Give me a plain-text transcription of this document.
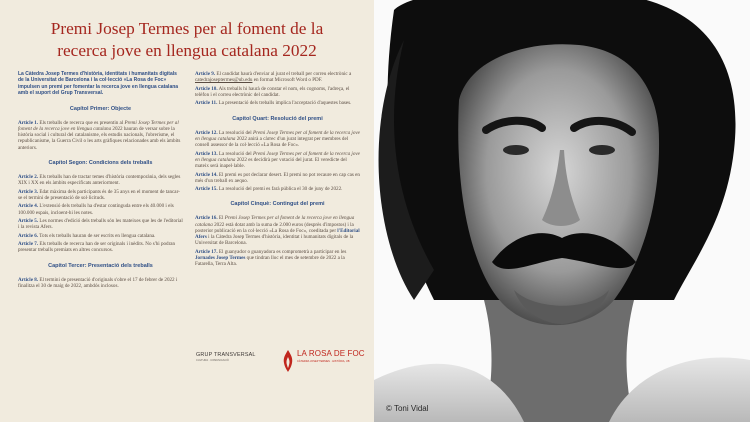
Premi Josep Termes per al foment de la
recerca jove en llengua catalana 2022

La Càtedra Josep Termes d'història, identitats i humanitats digitals de la Universitat de Barcelona i la col·lecció «La Rosa de Foc» impulsen un premi per fomentar la recerca jove en llengua catalana amb el suport del Grup Transversal.

Capítol Primer: Objecte

Article 1. Els treballs de recerca que es presentin al Premi Josep Termes per al foment de la recerca jove en llengua catalana 2022 hauran de versar sobre la història social i cultural del catalanisme, els estudis nacionals, l'obrerisme, el republicanisme, la Guerra Civil o les arts gràfiques relacionades amb els àmbits anteriors.

Capítol Segon: Condicions dels treballs

Article 2. Els treballs han de tractar temes d'història contemporània, dels segles XIX i XX en els àmbits especificats anteriorment.

Article 3. Edat màxima dels participants és de 35 anys en el moment de tancar-se el termini de presentació de sol·licituds.

Article 4. L'extensió dels treballs ha d'estar continguda entre els 40.000 i els 100.000 espais, incloent-hi les notes.

Article 5. Les normes d'edició dels treballs són les mateixes que les de l'editorial i la revista Afers.

Article 6. Tots els treballs hauran de ser escrits en llengua catalana.

Article 7. Els treballs de recerca han de ser originals i inèdits. No s'hi podran presentar treballs premiats en altres concursos.

Capítol Tercer: Presentació dels treballs

Article 8. El termini de presentació d'originals s'obre el 17 de febrer de 2022 i finalitza el 30 de maig de 2022, ambdós inclosos.

Article 9. El candidat haurà d'enviar al jurat el treball per correu electrònic a catedrajoseptermes@ub.edu en format Microsoft Word o PDF.

Article 10. Als treballs hi haurà de constar el nom, els cognoms, l'adreça, el telèfon i el correu electrònic del candidat.

Article 11. La presentació dels treballs implica l'acceptació d'aquestes bases.

Capítol Quart: Resolució del premi

Article 12. La resolució del Premi Josep Termes per al foment de la recerca jove en llengua catalana 2022 anirà a càrrec d'un jurat integrat per membres del consell assessor de la col·lecció «La Rosa de Foc».

Article 13. La resolució del Premi Josep Termes per al foment de la recerca jove en llengua catalana 2022 es decidirà per votació del jurat. El veredicte del mateix serà inapel·lable.

Article 14. El premi es pot declarar desert. El premi no pot recaure en cap cas en més d'un treball ex aequo.

Article 15. La resolució del premi es farà pública el 30 de juny de 2022.

Capítol Cinquè: Contingut del premi

Article 16. El Premi Josep Termes per al foment de la recerca jove en llengua catalana 2022 està dotat amb la suma de 2.000 euros (desprès d'impostos) i la posterior publicació en la col·lecció «La Rosa de Foc», coeditada per l'Editorial Afers i la Càtedra Josep Termes d'història, identitat i humanitats digitals de la Universitat de Barcelona.

Article 17. El guanyador o guanyadora es comprometrà a participar en les Jornades Josep Termes que tindran lloc el mes de setembre de 2022 a la Fatarella, Terra Alta.

GRUP TRANSVERSAL
CULTURA · COMUNICACIÓ
LA ROSA DE FOC
CÀTEDRA JOSEP TERMES · HISTÒRIA, UB
© Toni Vidal
